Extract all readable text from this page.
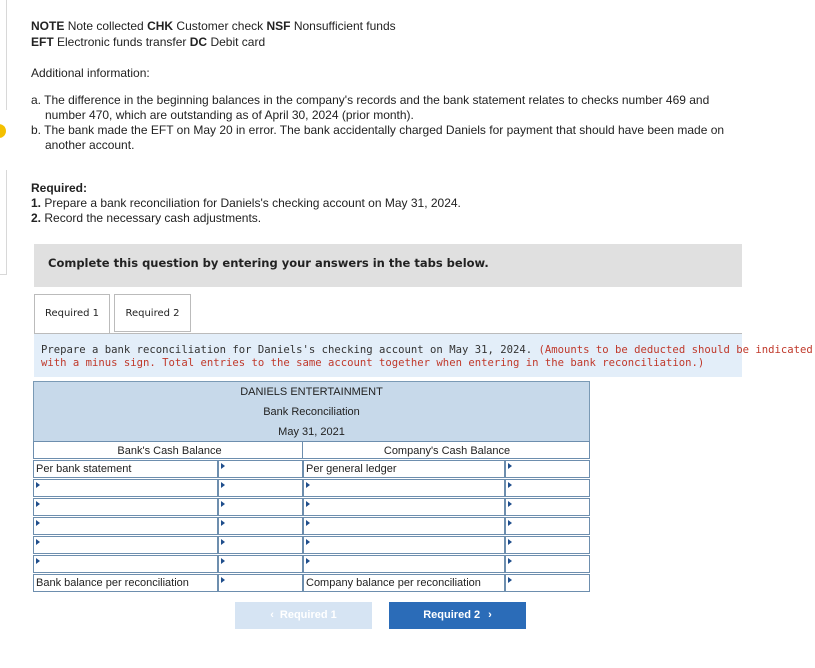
NOTE Note collected CHK Customer check NSF Nonsufficient funds
EFT Electronic funds transfer DC Debit card
Additional information:
a. The difference in the beginning balances in the company's records and the bank statement relates to checks number 469 and
number 470, which are outstanding as of April 30, 2024 (prior month).
b. The bank made the EFT on May 20 in error. The bank accidentally charged Daniels for payment that should have been made on
another account.
Required:
1. Prepare a bank reconciliation for Daniels's checking account on May 31, 2024.
2. Record the necessary cash adjustments.
Complete this question by entering your answers in the tabs below.
Required 1	Required 2
Prepare a bank reconciliation for Daniels's checking account on May 31, 2024. (Amounts to be deducted should be indicated
with a minus sign. Total entries to the same account together when entering in the bank reconciliation.)
DANIELS ENTERTAINMENT
Bank Reconciliation
May 31, 2021
Bank's Cash Balance	Company's Cash Balance
Per bank statement	Per general ledger
Bank balance per reconciliation	Company balance per reconciliation
‹ Required 1	Required 2 ›
